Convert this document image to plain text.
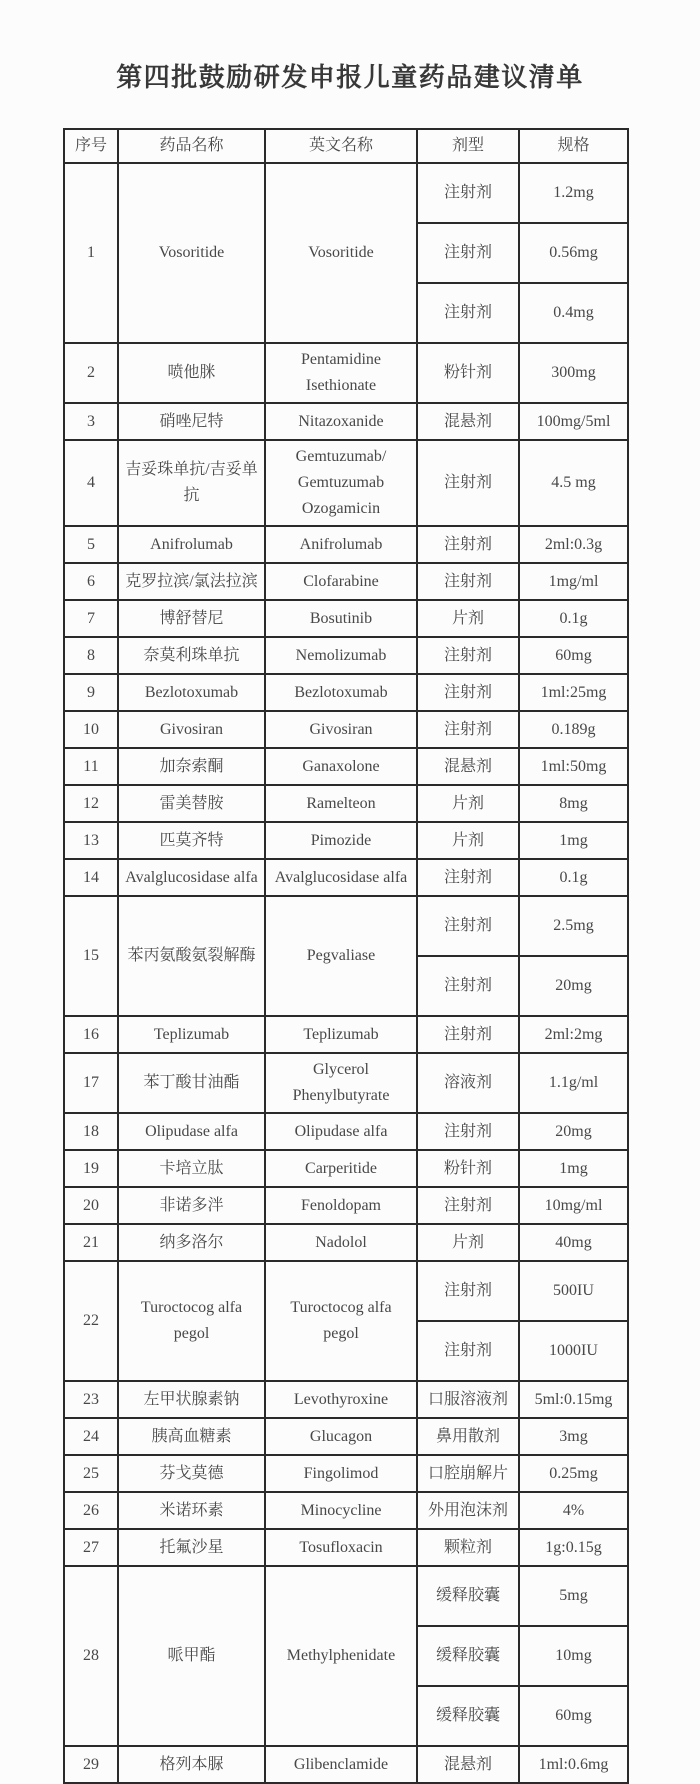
第四批鼓励研发申报儿童药品建议清单
序号	药品名称	英文名称	剂型	规格
1	Vosoritide	Vosoritide	注射剂	1.2mg
			注射剂	0.56mg
			注射剂	0.4mg
2	喷他脒	Pentamidine Isethionate	粉针剂	300mg
3	硝唑尼特	Nitazoxanide	混悬剂	100mg/5ml
4	吉妥珠单抗/吉妥单抗	Gemtuzumab/ Gemtuzumab Ozogamicin	注射剂	4.5 mg
5	Anifrolumab	Anifrolumab	注射剂	2ml:0.3g
6	克罗拉滨/氯法拉滨	Clofarabine	注射剂	1mg/ml
7	博舒替尼	Bosutinib	片剂	0.1g
8	奈莫利珠单抗	Nemolizumab	注射剂	60mg
9	Bezlotoxumab	Bezlotoxumab	注射剂	1ml:25mg
10	Givosiran	Givosiran	注射剂	0.189g
11	加奈索酮	Ganaxolone	混悬剂	1ml:50mg
12	雷美替胺	Ramelteon	片剂	8mg
13	匹莫齐特	Pimozide	片剂	1mg
14	Avalglucosidase alfa	Avalglucosidase alfa	注射剂	0.1g
15	苯丙氨酸氨裂解酶	Pegvaliase	注射剂	2.5mg
			注射剂	20mg
16	Teplizumab	Teplizumab	注射剂	2ml:2mg
17	苯丁酸甘油酯	Glycerol Phenylbutyrate	溶液剂	1.1g/ml
18	Olipudase alfa	Olipudase alfa	注射剂	20mg
19	卡培立肽	Carperitide	粉针剂	1mg
20	非诺多泮	Fenoldopam	注射剂	10mg/ml
21	纳多洛尔	Nadolol	片剂	40mg
22	Turoctocog alfa pegol	Turoctocog alfa pegol	注射剂	500IU
			注射剂	1000IU
23	左甲状腺素钠	Levothyroxine	口服溶液剂	5ml:0.15mg
24	胰高血糖素	Glucagon	鼻用散剂	3mg
25	芬戈莫德	Fingolimod	口腔崩解片	0.25mg
26	米诺环素	Minocycline	外用泡沫剂	4%
27	托氟沙星	Tosufloxacin	颗粒剂	1g:0.15g
28	哌甲酯	Methylphenidate	缓释胶囊	5mg
			缓释胶囊	10mg
			缓释胶囊	60mg
29	格列本脲	Glibenclamide	混悬剂	1ml:0.6mg
